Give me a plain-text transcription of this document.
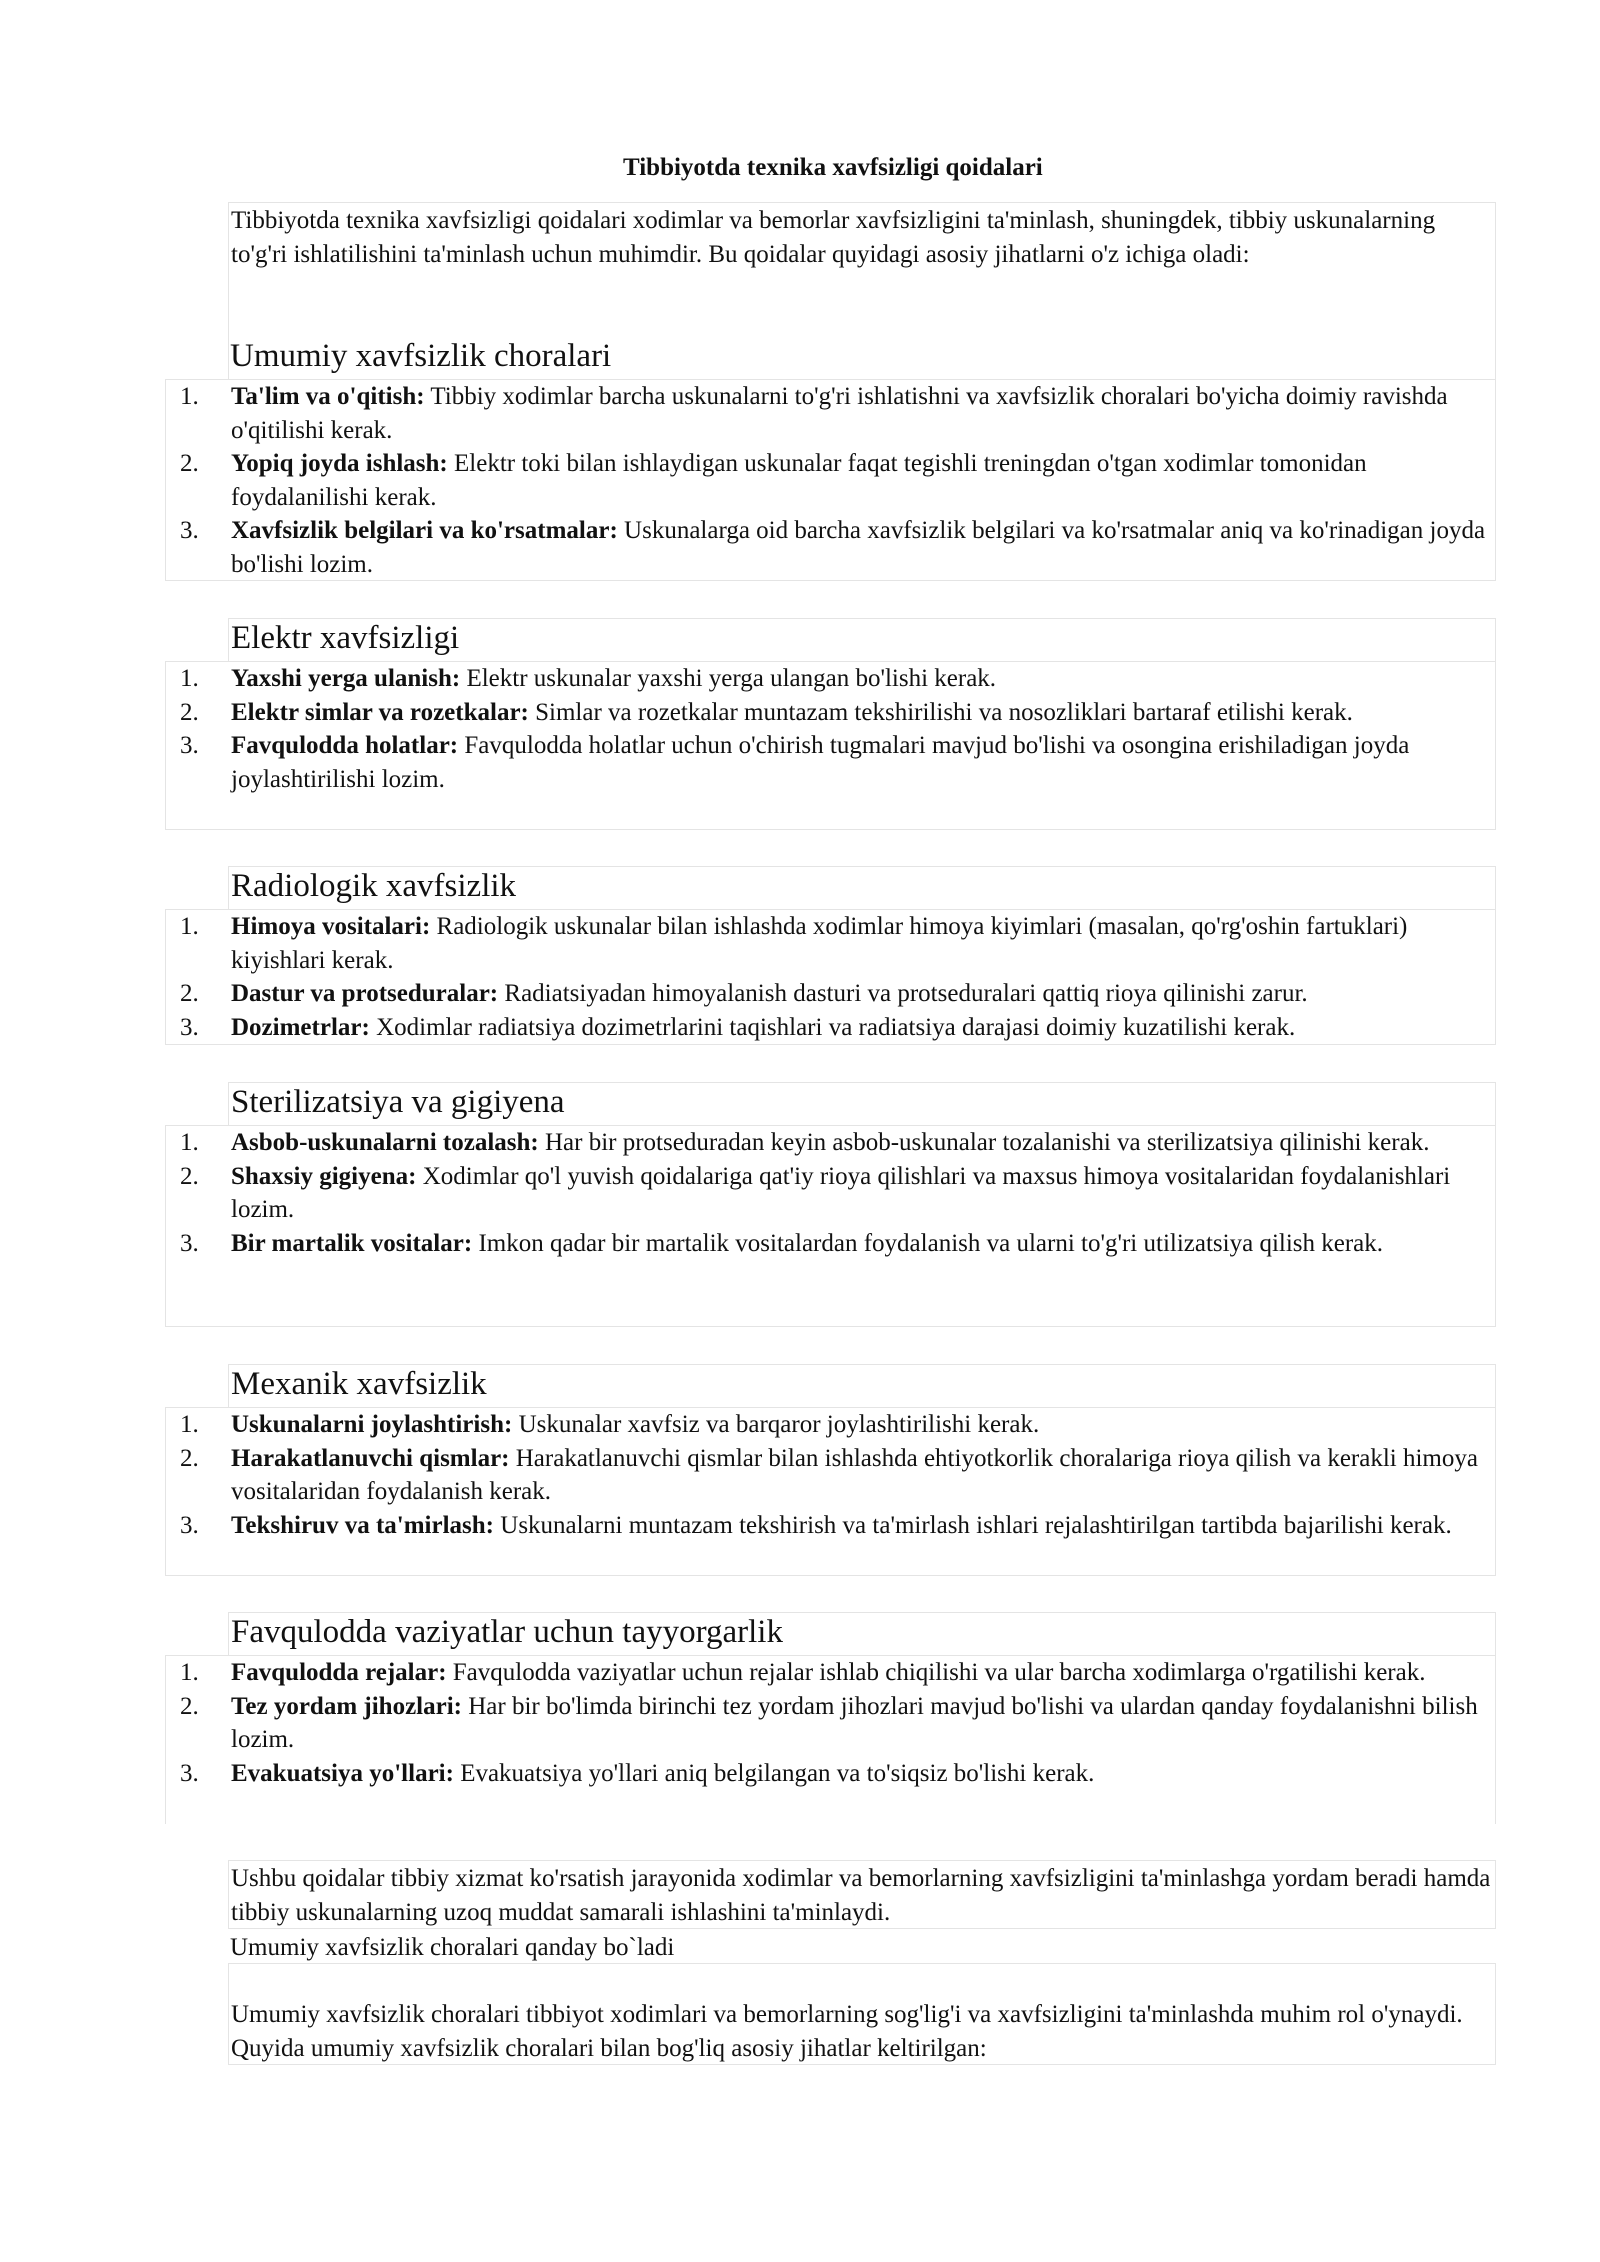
Tibbiyotda texnika xavfsizligi qoidalari
Tibbiyotda texnika xavfsizligi qoidalari xodimlar va bemorlar xavfsizligini ta'minlash, shuningdek, tibbiy uskunalarning to'g'ri ishlatilishini ta'minlash uchun muhimdir. Bu qoidalar quyidagi asosiy jihatlarni o'z ichiga oladi:
Umumiy xavfsizlik choralari
1.	Ta'lim va o'qitish: Tibbiy xodimlar barcha uskunalarni to'g'ri ishlatishni va xavfsizlik choralari bo'yicha doimiy ravishda o'qitilishi kerak.
2.	Yopiq joyda ishlash: Elektr toki bilan ishlaydigan uskunalar faqat tegishli treningdan o'tgan xodimlar tomonidan foydalanilishi kerak.
3.	Xavfsizlik belgilari va ko'rsatmalar: Uskunalarga oid barcha xavfsizlik belgilari va ko'rsatmalar aniq va ko'rinadigan joyda bo'lishi lozim.
Elektr xavfsizligi
1.	Yaxshi yerga ulanish: Elektr uskunalar yaxshi yerga ulangan bo'lishi kerak.
2.	Elektr simlar va rozetkalar: Simlar va rozetkalar muntazam tekshirilishi va nosozliklari bartaraf etilishi kerak.
3.	Favqulodda holatlar: Favqulodda holatlar uchun o'chirish tugmalari mavjud bo'lishi va osongina erishiladigan joyda joylashtirilishi lozim.
Radiologik xavfsizlik
1.	Himoya vositalari: Radiologik uskunalar bilan ishlashda xodimlar himoya kiyimlari (masalan, qo'rg'oshin fartuklari) kiyishlari kerak.
2.	Dastur va protseduralar: Radiatsiyadan himoyalanish dasturi va protseduralari qattiq rioya qilinishi zarur.
3.	Dozimetrlar: Xodimlar radiatsiya dozimetrlarini taqishlari va radiatsiya darajasi doimiy kuzatilishi kerak.
Sterilizatsiya va gigiyena
1.	Asbob-uskunalarni tozalash: Har bir protseduradan keyin asbob-uskunalar tozalanishi va sterilizatsiya qilinishi kerak.
2.	Shaxsiy gigiyena: Xodimlar qo'l yuvish qoidalariga qat'iy rioya qilishlari va maxsus himoya vositalaridan foydalanishlari lozim.
3.	Bir martalik vositalar: Imkon qadar bir martalik vositalardan foydalanish va ularni to'g'ri utilizatsiya qilish kerak.
Mexanik xavfsizlik
1.	Uskunalarni joylashtirish: Uskunalar xavfsiz va barqaror joylashtirilishi kerak.
2.	Harakatlanuvchi qismlar: Harakatlanuvchi qismlar bilan ishlashda ehtiyotkorlik choralariga rioya qilish va kerakli himoya vositalaridan foydalanish kerak.
3.	Tekshiruv va ta'mirlash: Uskunalarni muntazam tekshirish va ta'mirlash ishlari rejalashtirilgan tartibda bajarilishi kerak.
Favqulodda vaziyatlar uchun tayyorgarlik
1.	Favqulodda rejalar: Favqulodda vaziyatlar uchun rejalar ishlab chiqilishi va ular barcha xodimlarga o'rgatilishi kerak.
2.	Tez yordam jihozlari: Har bir bo'limda birinchi tez yordam jihozlari mavjud bo'lishi va ulardan qanday foydalanishni bilish lozim.
3.	Evakuatsiya yo'llari: Evakuatsiya yo'llari aniq belgilangan va to'siqsiz bo'lishi kerak.
Ushbu qoidalar tibbiy xizmat ko'rsatish jarayonida xodimlar va bemorlarning xavfsizligini ta'minlashga yordam beradi hamda tibbiy uskunalarning uzoq muddat samarali ishlashini ta'minlaydi.
Umumiy xavfsizlik choralari qanday bo`ladi
Umumiy xavfsizlik choralari tibbiyot xodimlari va bemorlarning sog'lig'i va xavfsizligini ta'minlashda muhim rol o'ynaydi. Quyida umumiy xavfsizlik choralari bilan bog'liq asosiy jihatlar keltirilgan:
